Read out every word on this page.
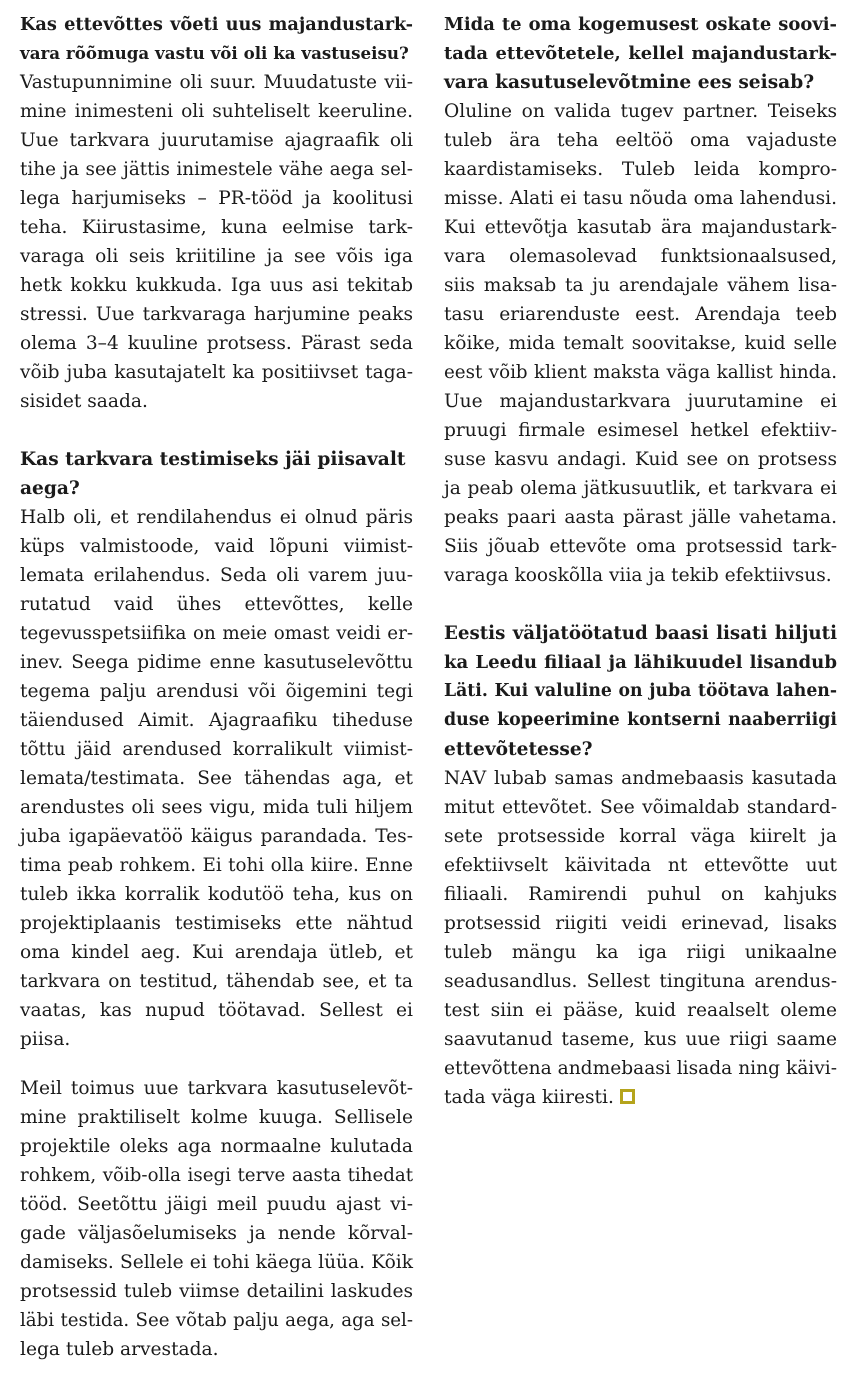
Kas ettevõttes võeti uus majandustark-
vara rõõmuga vastu või oli ka vastuseisu?
Vastupunnimine oli suur. Muudatuste vii-
mine inimesteni oli suhteliselt keeruline.
Uue tarkvara juurutamise ajagraafik oli
tihe ja see jättis inimestele vähe aega sel-
lega harjumiseks – PR-tööd ja koolitusi
teha. Kiirustasime, kuna eelmise tark-
varaga oli seis kriitiline ja see võis iga
hetk kokku kukkuda. Iga uus asi tekitab
stressi. Uue tarkvaraga harjumine peaks
olema 3–4 kuuline protsess. Pärast seda
võib juba kasutajatelt ka positiivset taga-
sisidet saada.
Kas tarkvara testimiseks jäi piisavalt
aega?
Halb oli, et rendilahendus ei olnud päris
küps valmistoode, vaid lõpuni viimist-
lemata erilahendus. Seda oli varem juu-
rutatud vaid ühes ettevõttes, kelle
tegevusspetsiifika on meie omast veidi er-
inev. Seega pidime enne kasutuselevõttu
tegema palju arendusi või õigemini tegi
täiendused Aimit. Ajagraafiku tiheduse
tõttu jäid arendused korralikult viimist-
lemata/testimata. See tähendas aga, et
arendustes oli sees vigu, mida tuli hiljem
juba igapäevatöö käigus parandada. Tes-
tima peab rohkem. Ei tohi olla kiire. Enne
tuleb ikka korralik kodutöö teha, kus on
projektiplaanis testimiseks ette nähtud
oma kindel aeg. Kui arendaja ütleb, et
tarkvara on testitud, tähendab see, et ta
vaatas, kas nupud töötavad. Sellest ei
piisa.
Meil toimus uue tarkvara kasutuselevõt-
mine praktiliselt kolme kuuga. Sellisele
projektile oleks aga normaalne kulutada
rohkem, võib-olla isegi terve aasta tihedat
tööd. Seetõttu jäigi meil puudu ajast vi-
gade väljasõelumiseks ja nende kõrval-
damiseks. Sellele ei tohi käega lüüa. Kõik
protsessid tuleb viimse detailini laskudes
läbi testida. See võtab palju aega, aga sel-
lega tuleb arvestada.
Mida te oma kogemusest oskate soovi-
tada ettevõtetele, kellel majandustark-
vara kasutuselevõtmine ees seisab?
Oluline on valida tugev partner. Teiseks
tuleb ära teha eeltöö oma vajaduste
kaardistamiseks. Tuleb leida kompro-
misse. Alati ei tasu nõuda oma lahendusi.
Kui ettevõtja kasutab ära majandustark-
vara olemasolevad funktsionaalsused,
siis maksab ta ju arendajale vähem lisa-
tasu eriarenduste eest. Arendaja teeb
kõike, mida temalt soovitakse, kuid selle
eest võib klient maksta väga kallist hinda.
Uue majandustarkvara juurutamine ei
pruugi firmale esimesel hetkel efektiiv-
suse kasvu andagi. Kuid see on protsess
ja peab olema jätkusuutlik, et tarkvara ei
peaks paari aasta pärast jälle vahetama.
Siis jõuab ettevõte oma protsessid tark-
varaga kooskõlla viia ja tekib efektiivsus.
Eestis väljatöötatud baasi lisati hiljuti
ka Leedu filiaal ja lähikuudel lisandub
Läti. Kui valuline on juba töötava lahen-
duse kopeerimine kontserni naaberriigi
ettevõtetesse?
NAV lubab samas andmebaasis kasutada
mitut ettevõtet. See võimaldab standard-
sete protsesside korral väga kiirelt ja
efektiivselt käivitada nt ettevõtte uut
filiaali. Ramirendi puhul on kahjuks
protsessid riigiti veidi erinevad, lisaks
tuleb mängu ka iga riigi unikaalne
seadusandlus. Sellest tingituna arendus-
test siin ei pääse, kuid reaalselt oleme
saavutanud taseme, kus uue riigi saame
ettevõttena andmebaasi lisada ning käivi-
tada väga kiiresti.
